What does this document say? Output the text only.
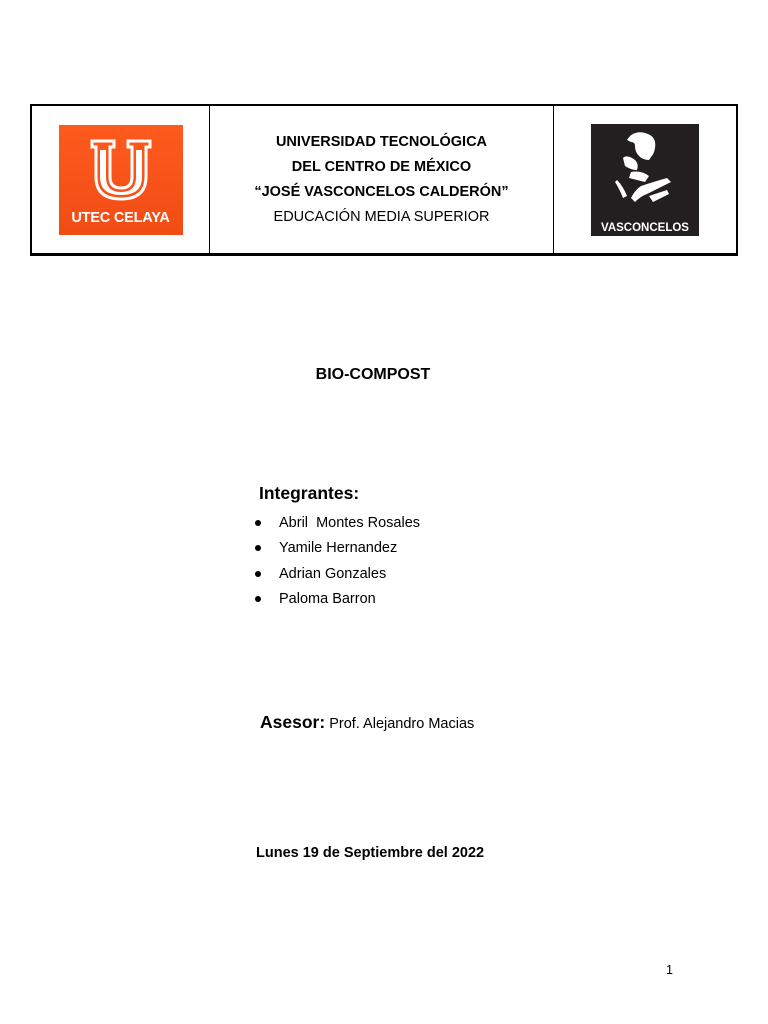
UTEC CELAYA
UNIVERSIDAD TECNOLÓGICA
DEL CENTRO DE MÉXICO
“JOSÉ VASCONCELOS CALDERÓN”
EDUCACIÓN MEDIA SUPERIOR
VASCONCELOS
BIO-COMPOST
Integrantes:
Abril  Montes Rosales
Yamile Hernandez
Adrian Gonzales
Paloma Barron
Asesor: Prof. Alejandro Macias
Lunes 19 de Septiembre del 2022
1
